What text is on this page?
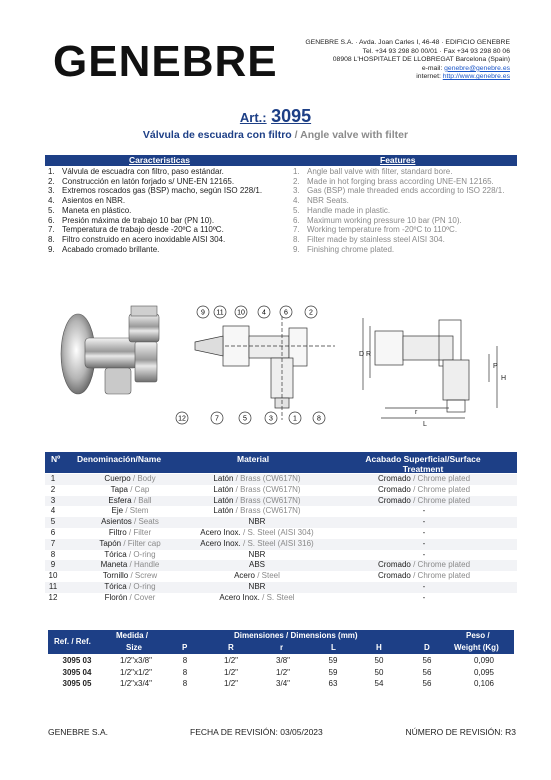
GENEBRE	GENEBRE S.A. · Avda. Joan Carles I, 46-48 · EDIFICIO GENEBRE
Tel. +34 93 298 80 00/01 · Fax +34 93 298 80 06
08908 L'HOSPITALET DE LLOBREGAT Barcelona (Spain)
e-mail: genebre@genebre.es
internet: http://www.genebre.es
Art.: 3095
Válvula de escuadra con filtro / Angle valve with filter
Caracteristicas	Features
1. Válvula de escuadra con filtro, paso estándar.
2. Construcción en latón forjado s/ UNE-EN 12165.
3. Extremos roscados gas (BSP) macho, según ISO 228/1.
4. Asientos en NBR.
5. Maneta en plástico.
6. Presión máxima de trabajo 10 bar (PN 10).
7. Temperatura de trabajo desde -20ºC a 110ºC.
8. Filtro construido en acero inoxidable AISI 304.
9. Acabado cromado brillante.
1. Angle ball valve with filter, standard bore.
2. Made in hot forging brass according UNE-EN 12165.
3. Gas (BSP) male threaded ends according to ISO 228/1.
4. NBR Seats.
5. Handle made in plastic.
6. Maximum working pressure 10 bar (PN 10).
7. Working temperature from -20ºC to 110ºC.
8. Filter made by stainless steel AISI 304.
9. Finishing chrome plated.
9 11 10 4	6	2
12	7	5	3	1	8
D R
P
L
H
r
Nº Denominación/Name	Material	Acabado Superficial/Surface Treatment
1	Cuerpo / Body	Latón / Brass (CW617N)	Cromado / Chrome plated
2	Tapa / Cap	Latón / Brass (CW617N)	Cromado / Chrome plated
3	Esfera / Ball	Latón / Brass (CW617N)	Cromado / Chrome plated
4	Eje / Stem	Latón / Brass (CW617N)	-
5	Asientos / Seats	NBR	-
6	Filtro / Filter	Acero Inox. / S. Steel (AISI 304)	-
7	Tapón / Filter cap	Acero Inox. / S. Steel (AISI 316)	-
8	Tórica / O-ring	NBR	-
9	Maneta / Handle	ABS	Cromado / Chrome plated
10	Tornillo / Screw	Acero / Steel	Cromado / Chrome plated
11	Tórica / O-ring	NBR	-
12	Florón / Cover	Acero Inox. / S. Steel	-
Ref. / Ref.
Medida /
Size
Dimensiones / Dimensions (mm)
P	R	r	L	H	D
Peso /
Weight (Kg)
3095 03	1/2"x3/8"	8	1/2"	3/8"	59	50	56	0,090
3095 04	1/2"x1/2"	8	1/2"	1/2"	59	50	56	0,095
3095 05	1/2"x3/4"	8	1/2"	3/4"	63	54	56	0,106
GENEBRE S.A.	FECHA DE REVISIÓN: 03/05/2023	NÚMERO DE REVISIÓN: R3
